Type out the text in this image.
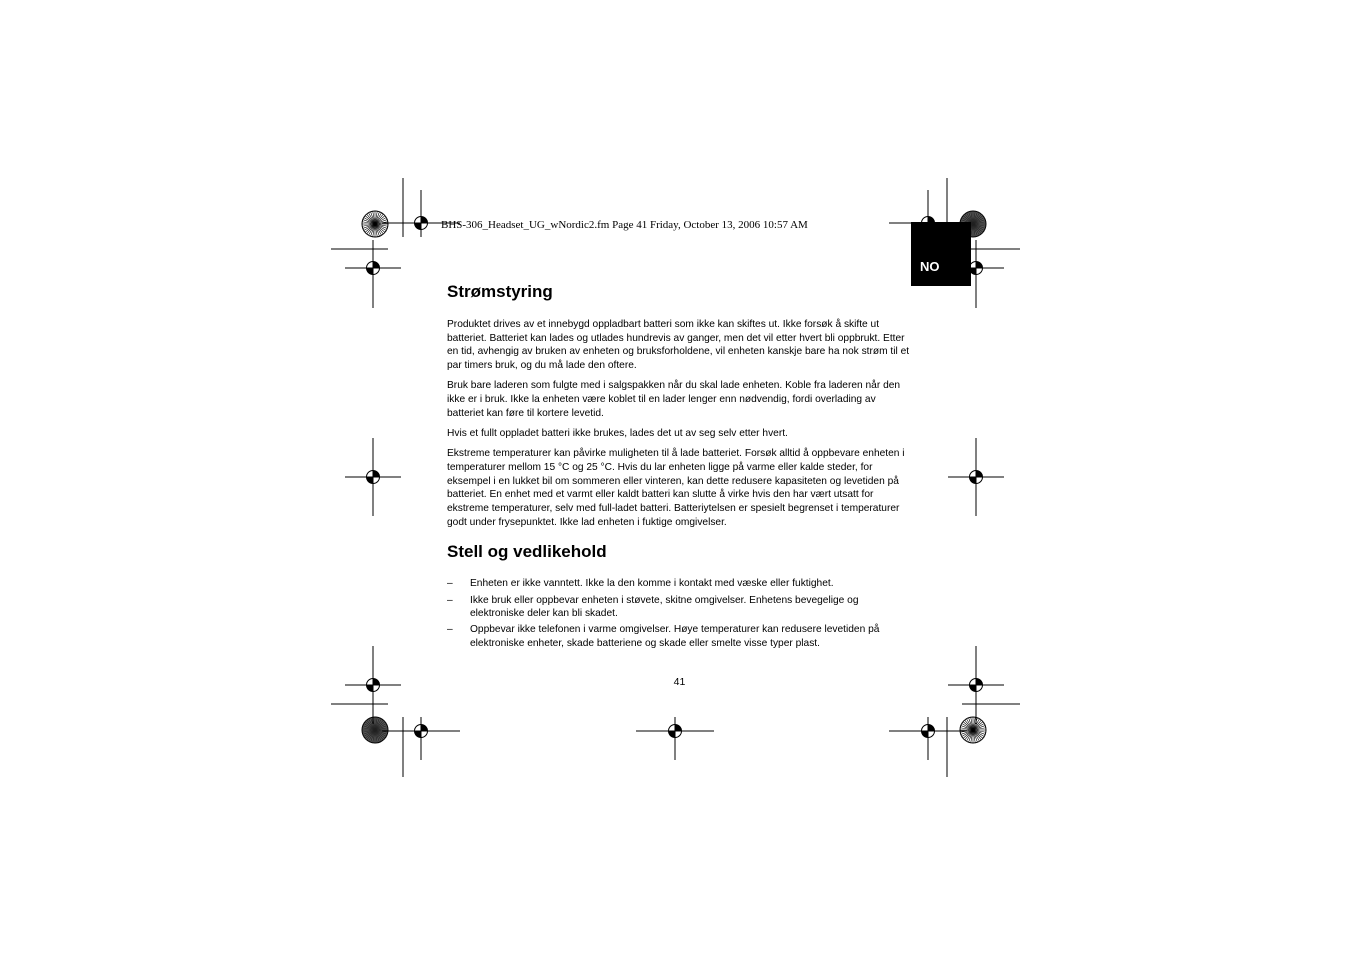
BHS-306_Headset_UG_wNordic2.fm Page 41 Friday, October 13, 2006 10:57 AM
NO
Strømstyring

Produktet drives av et innebygd oppladbart batteri som ikke kan skiftes ut. Ikke forsøk å skifte ut batteriet. Batteriet kan lades og utlades hundrevis av ganger, men det vil etter hvert bli oppbrukt. Etter en tid, avhengig av bruken av enheten og bruksforholdene, vil enheten kanskje bare ha nok strøm til et par timers bruk, og du må lade den oftere.

Bruk bare laderen som fulgte med i salgspakken når du skal lade enheten. Koble fra laderen når den ikke er i bruk. Ikke la enheten være koblet til en lader lenger enn nødvendig, fordi overlading av batteriet kan føre til kortere levetid.

Hvis et fullt oppladet batteri ikke brukes, lades det ut av seg selv etter hvert.

Ekstreme temperaturer kan påvirke muligheten til å lade batteriet. Forsøk alltid å oppbevare enheten i temperaturer mellom 15 °C og 25 °C. Hvis du lar enheten ligge på varme eller kalde steder, for eksempel i en lukket bil om sommeren eller vinteren, kan dette redusere kapasiteten og levetiden på batteriet. En enhet med et varmt eller kaldt batteri kan slutte å virke hvis den har vært utsatt for ekstreme temperaturer, selv med full-ladet batteri. Batteriytelsen er spesielt begrenset i temperaturer godt under frysepunktet. Ikke lad enheten i fuktige omgivelser.

Stell og vedlikehold
– Enheten er ikke vanntett. Ikke la den komme i kontakt med væske eller fuktighet.
– Ikke bruk eller oppbevar enheten i støvete, skitne omgivelser. Enhetens bevegelige og elektroniske deler kan bli skadet.
– Oppbevar ikke telefonen i varme omgivelser. Høye temperaturer kan redusere levetiden på elektroniske enheter, skade batteriene og skade eller smelte visse typer plast.
41
